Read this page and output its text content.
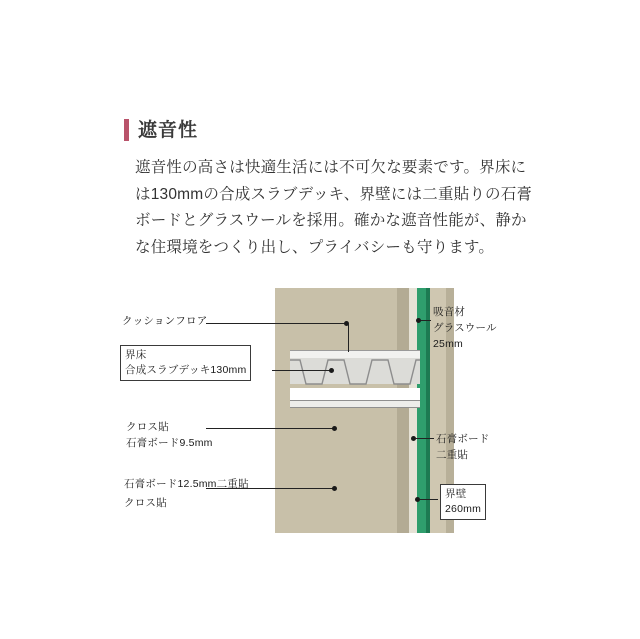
遮音性
遮音性の高さは快適生活には不可欠な要素です。界床には130mmの合成スラブデッキ、界壁には二重貼りの石膏ボードとグラスウールを採用。確かな遮音性能が、静かな住環境をつくり出し、プライバシーも守ります。
クッションフロア
界床
合成スラブデッキ130mm
クロス貼
石膏ボード9.5mm
石膏ボード12.5mm二重貼
クロス貼
吸音材
グラスウール
25mm
石膏ボード
二重貼
界壁
260mm
